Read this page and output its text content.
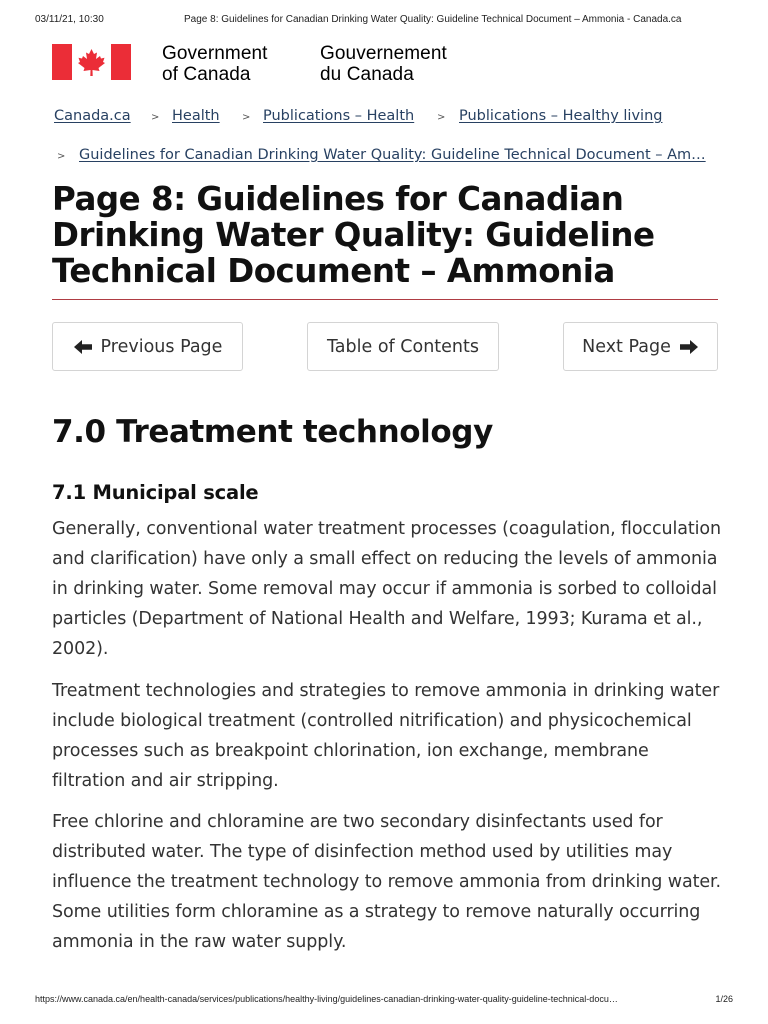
03/11/21, 10:30	Page 8: Guidelines for Canadian Drinking Water Quality: Guideline Technical Document – Ammonia - Canada.ca
Government
of Canada
Gouvernement
du Canada
Canada.ca > Health > Publications – Health > Publications – Healthy living
> Guidelines for Canadian Drinking Water Quality: Guideline Technical Document – Am…
Page 8: Guidelines for Canadian Drinking Water Quality: Guideline Technical Document – Ammonia
Previous Page	Table of Contents	Next Page
7.0 Treatment technology
7.1 Municipal scale

Generally, conventional water treatment processes (coagulation, flocculation and clarification) have only a small effect on reducing the levels of ammonia in drinking water. Some removal may occur if ammonia is sorbed to colloidal particles (Department of National Health and Welfare, 1993; Kurama et al., 2002).

Treatment technologies and strategies to remove ammonia in drinking water include biological treatment (controlled nitrification) and physicochemical processes such as breakpoint chlorination, ion exchange, membrane filtration and air stripping.

Free chlorine and chloramine are two secondary disinfectants used for distributed water. The type of disinfection method used by utilities may influence the treatment technology to remove ammonia from drinking water. Some utilities form chloramine as a strategy to remove naturally occurring ammonia in the raw water supply.

https://www.canada.ca/en/health-canada/services/publications/healthy-living/guidelines-canadian-drinking-water-quality-guideline-technical-docu…	1/26
